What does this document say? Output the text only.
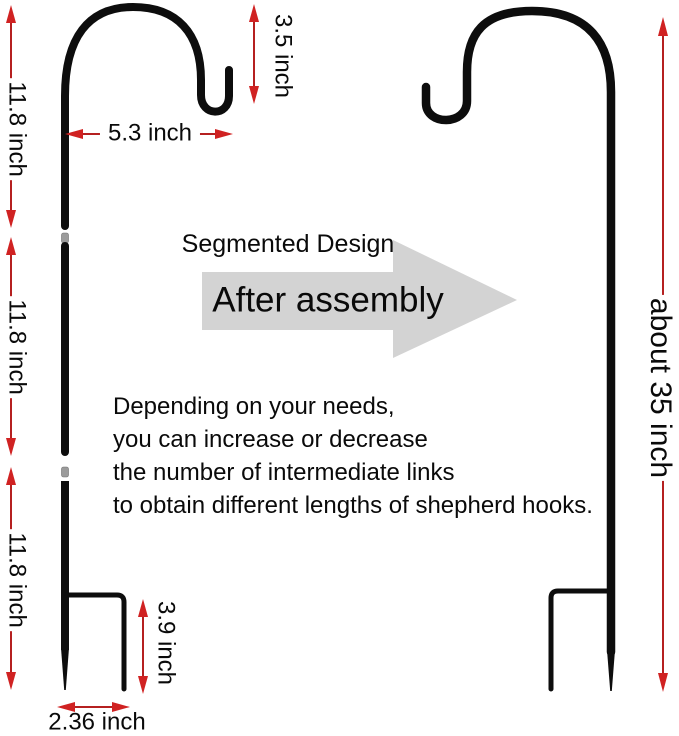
11.8 inch
11.8 inch
11.8 inch
3.5 inch
5.3 inch
3.9 inch
2.36 inch
about 35 inch
Segmented Design
After assembly
Depending on your needs,
you can increase or decrease
the number of intermediate links
to obtain different lengths of shepherd hooks.
